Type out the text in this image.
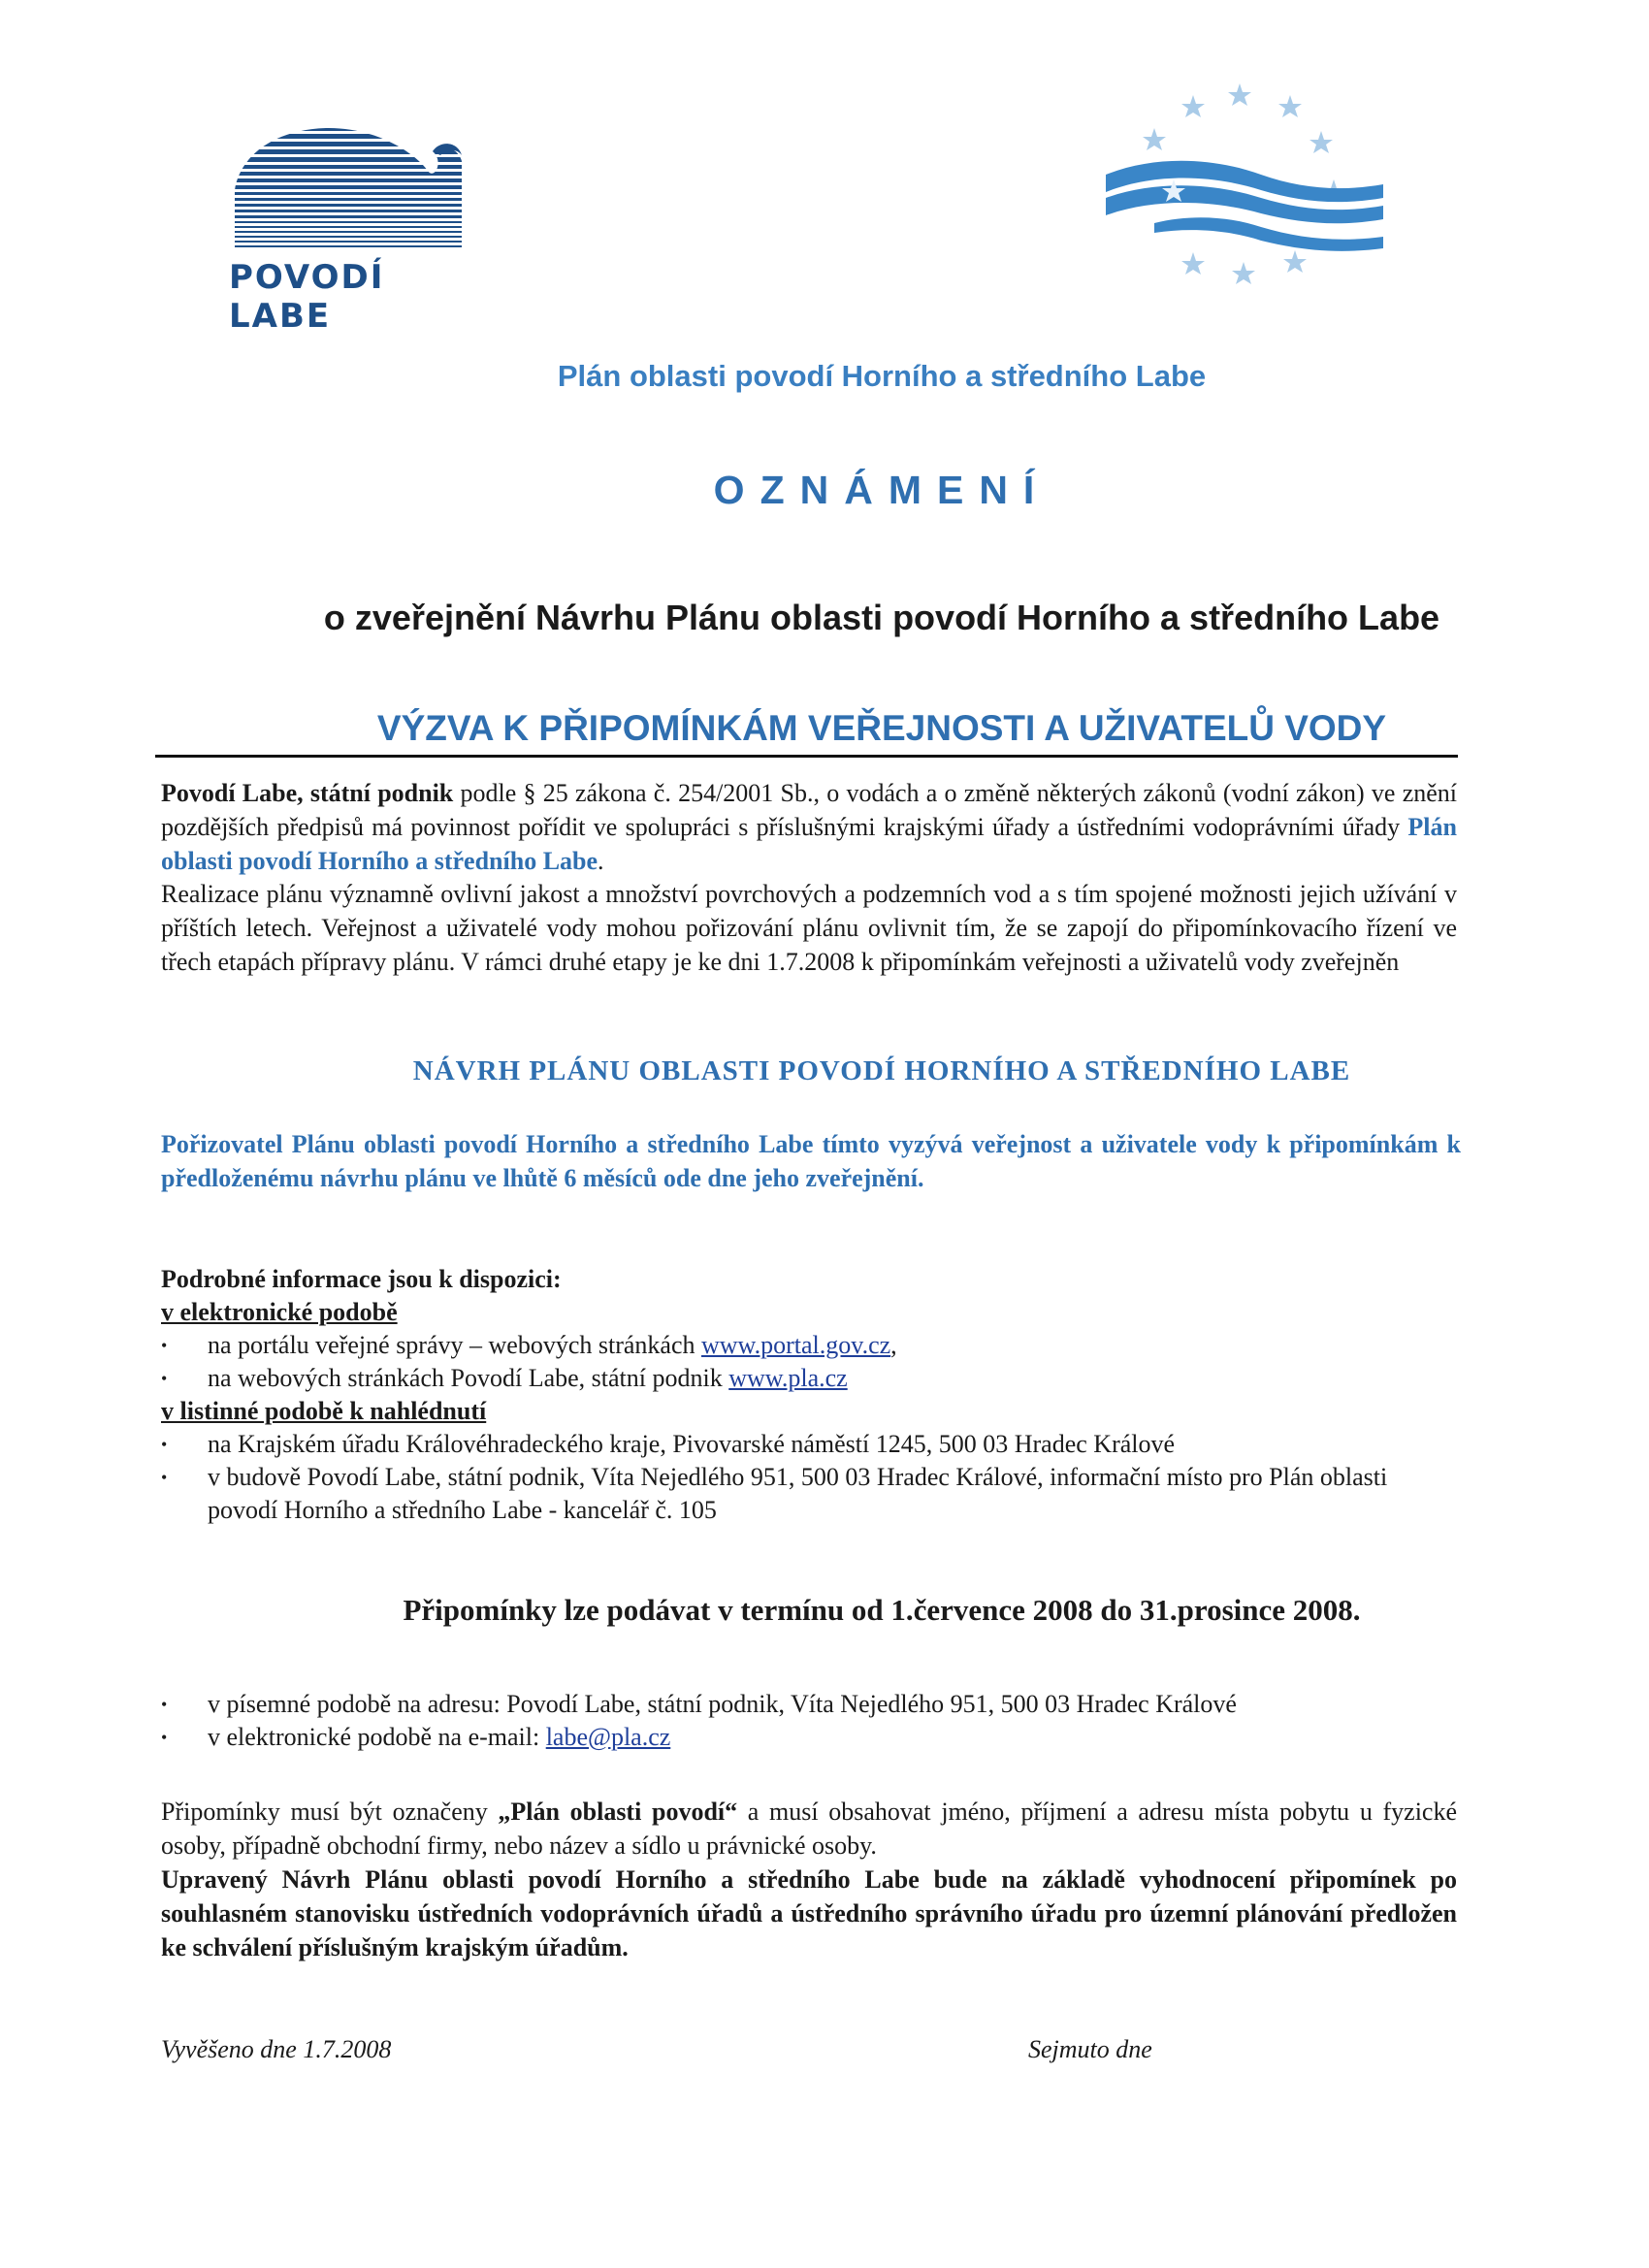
POVODÍ LABE
Plán oblasti povodí Horního a středního Labe
OZNÁMENÍ
o zveřejnění Návrhu Plánu oblasti povodí Horního a středního Labe
VÝZVA K PŘIPOMÍNKÁM VEŘEJNOSTI A UŽIVATELŮ VODY
Povodí Labe, státní podnik podle § 25 zákona č. 254/2001 Sb., o vodách a o změně některých zákonů (vodní zákon) ve znění pozdějších předpisů má povinnost pořídit ve spolupráci s příslušnými krajskými úřady a ústředními vodoprávními úřady Plán oblasti povodí Horního a středního Labe.
Realizace plánu významně ovlivní jakost a množství povrchových a podzemních vod a s tím spojené možnosti jejich užívání v příštích letech. Veřejnost a uživatelé vody mohou pořizování plánu ovlivnit tím, že se zapojí do připomínkovacího řízení ve třech etapách přípravy plánu. V rámci druhé etapy je ke dni 1.7.2008 k připomínkám veřejnosti a uživatelů vody zveřejněn
NÁVRH PLÁNU OBLASTI POVODÍ HORNÍHO A STŘEDNÍHO LABE
Pořizovatel Plánu oblasti povodí Horního a středního Labe tímto vyzývá veřejnost a uživatele vody k připomínkám k předloženému návrhu plánu ve lhůtě 6 měsíců ode dne jeho zveřejnění.
Podrobné informace jsou k dispozici:
v elektronické podobě
• na portálu veřejné správy – webových stránkách www.portal.gov.cz,
• na webových stránkách Povodí Labe, státní podnik www.pla.cz
v listinné podobě k nahlédnutí
• na Krajském úřadu Královéhradeckého kraje, Pivovarské náměstí 1245, 500 03 Hradec Králové
• v budově Povodí Labe, státní podnik, Víta Nejedlého 951, 500 03 Hradec Králové, informační místo pro Plán oblasti povodí Horního a středního Labe - kancelář č. 105
Připomínky lze podávat v termínu od 1.července 2008 do 31.prosince 2008.
• v písemné podobě na adresu: Povodí Labe, státní podnik, Víta Nejedlého 951, 500 03 Hradec Králové
• v elektronické podobě na e-mail: labe@pla.cz
Připomínky musí být označeny „Plán oblasti povodí“ a musí obsahovat jméno, příjmení a adresu místa pobytu u fyzické osoby, případně obchodní firmy, nebo název a sídlo u právnické osoby.
Upravený Návrh Plánu oblasti povodí Horního a středního Labe bude na základě vyhodnocení připomínek po souhlasném stanovisku ústředních vodoprávních úřadů a ústředního správního úřadu pro územní plánování předložen ke schválení příslušným krajským úřadům.
Vyvěšeno dne 1.7.2008	Sejmuto dne
